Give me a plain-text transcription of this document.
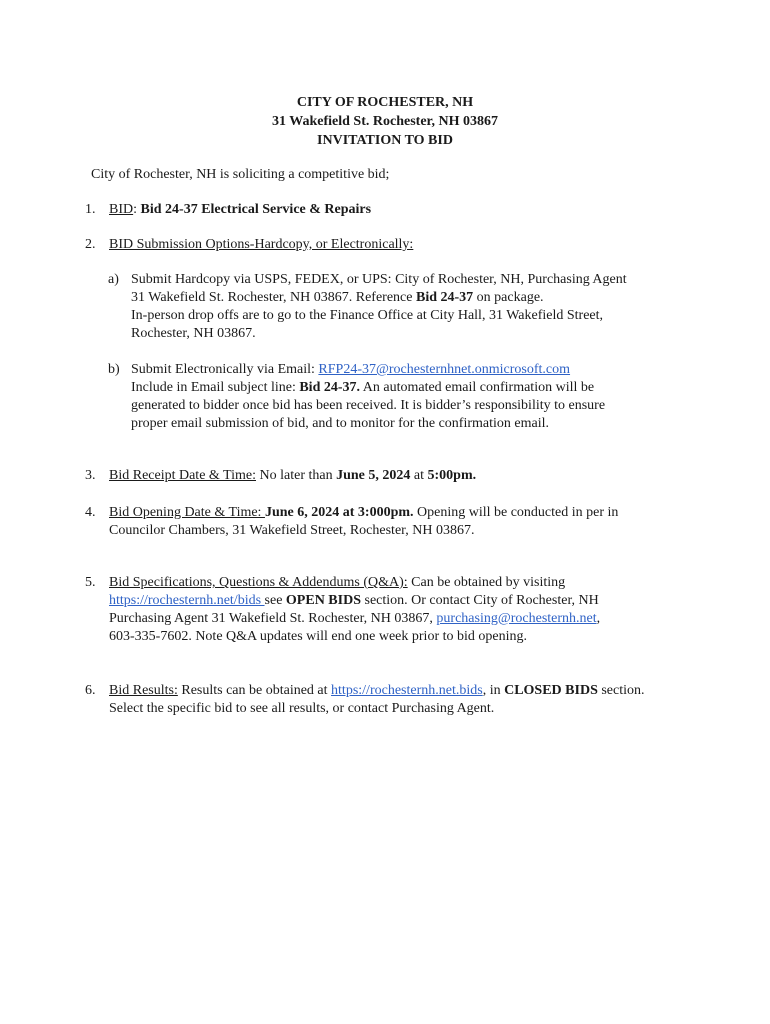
CITY OF ROCHESTER, NH
31 Wakefield St. Rochester, NH 03867
INVITATION TO BID
City of Rochester, NH is soliciting a competitive bid;
1. BID: Bid 24-37 Electrical Service & Repairs
2. BID Submission Options-Hardcopy, or Electronically:
a) Submit Hardcopy via USPS, FEDEX, or UPS: City of Rochester, NH, Purchasing Agent
31 Wakefield St. Rochester, NH 03867. Reference Bid 24-37 on package.
In-person drop offs are to go to the Finance Office at City Hall, 31 Wakefield Street,
Rochester, NH 03867.
b) Submit Electronically via Email: RFP24-37@rochesternhnet.onmicrosoft.com
Include in Email subject line: Bid 24-37. An automated email confirmation will be
generated to bidder once bid has been received. It is bidder’s responsibility to ensure
proper email submission of bid, and to monitor for the confirmation email.
3. Bid Receipt Date & Time: No later than June 5, 2024 at 5:00pm.
4. Bid Opening Date & Time: June 6, 2024 at 3:000pm. Opening will be conducted in per in
Councilor Chambers, 31 Wakefield Street, Rochester, NH 03867.
5. Bid Specifications, Questions & Addendums (Q&A): Can be obtained by visiting
https://rochesternh.net/bids see OPEN BIDS section. Or contact City of Rochester, NH
Purchasing Agent 31 Wakefield St. Rochester, NH 03867, purchasing@rochesternh.net,
603-335-7602. Note Q&A updates will end one week prior to bid opening.
6. Bid Results: Results can be obtained at https://rochesternh.net.bids, in CLOSED BIDS section.
Select the specific bid to see all results, or contact Purchasing Agent.
